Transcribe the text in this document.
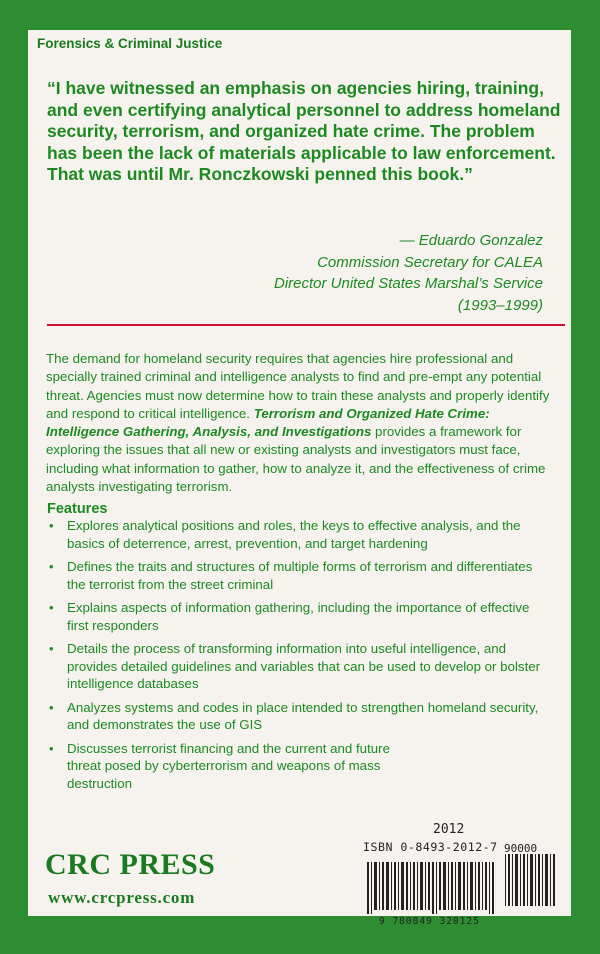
Forensics & Criminal Justice

“I have witnessed an emphasis on agencies hiring, training, and even certifying analytical personnel to address homeland security, terrorism, and organized hate crime. The problem has been the lack of materials applicable to law enforcement. That was until Mr. Ronczkowski penned this book.”

— Eduardo Gonzalez
Commission Secretary for CALEA
Director United States Marshal’s Service
(1993–1999)

The demand for homeland security requires that agencies hire professional and specially trained criminal and intelligence analysts to find and pre-empt any potential threat. Agencies must now determine how to train these analysts and properly identify and respond to critical intelligence. Terrorism and Organized Hate Crime: Intelligence Gathering, Analysis, and Investigations provides a framework for exploring the issues that all new or existing analysts and investigators must face, including what information to gather, how to analyze it, and the effectiveness of crime analysts investigating terrorism.

Features
• Explores analytical positions and roles, the keys to effective analysis, and the basics of deterrence, arrest, prevention, and target hardening
• Defines the traits and structures of multiple forms of terrorism and differentiates the terrorist from the street criminal
• Explains aspects of information gathering, including the importance of effective first responders
• Details the process of transforming information into useful intelligence, and provides detailed guidelines and variables that can be used to develop or bolster intelligence databases
• Analyzes systems and codes in place intended to strengthen homeland security, and demonstrates the use of GIS
• Discusses terrorist financing and the current and future threat posed by cyberterrorism and weapons of mass destruction
CRC PRESS
www.crcpress.com
2012
ISBN 0-8493-2012-7
9 780849 320125
90000
